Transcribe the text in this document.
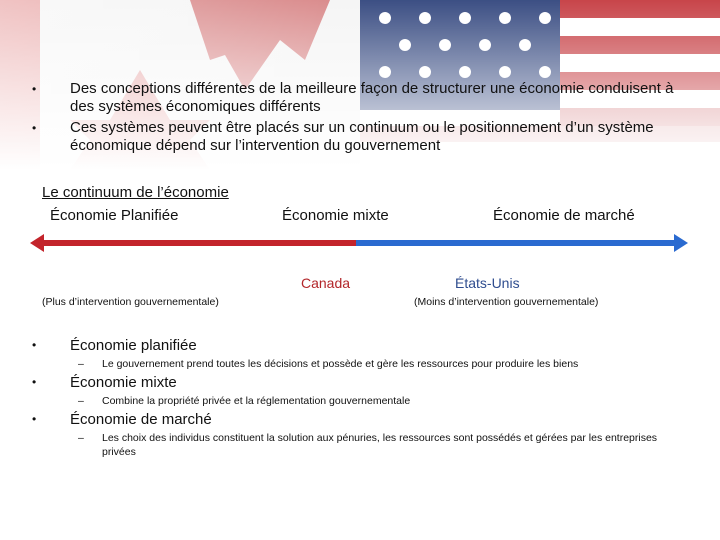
• Des conceptions différentes de la meilleure façon de structurer une économie conduisent à des systèmes économiques différents
• Ces systèmes peuvent être placés sur un continuum ou le positionnement d’un système économique dépend sur l’intervention du gouvernement
Le continuum de l’économie
Économie Planifiée	Économie mixte	Économie de marché
Canada	États-Unis
(Plus d’intervention gouvernementale)	(Moins d’intervention gouvernementale)
• Économie planifiée
– Le gouvernement prend toutes les décisions et possède et gère les ressources pour produire les biens
• Économie mixte
– Combine la propriété privée et la réglementation gouvernementale
• Économie de marché
– Les choix des individus constituent la solution aux pénuries, les ressources sont possédés et gérées par les entreprises privées
